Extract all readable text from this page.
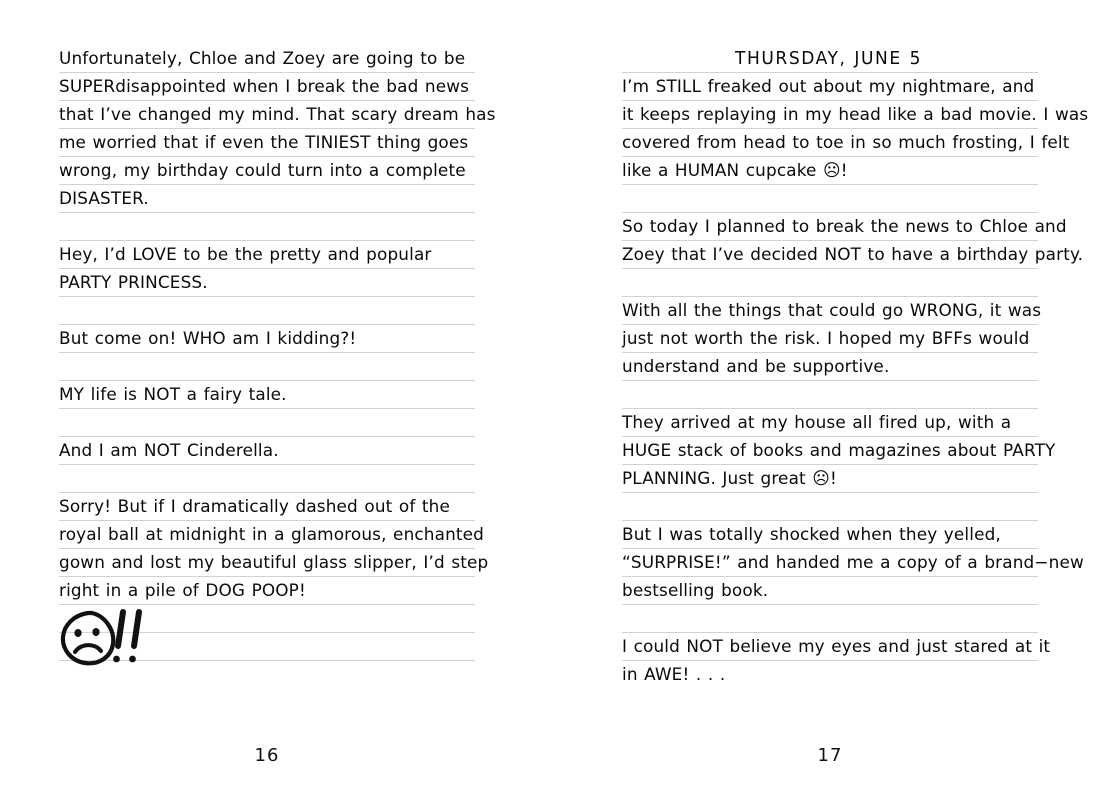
Unfortunately, Chloe and Zoey are going to be
SUPERdisappointed when I break the bad news
that I’ve changed my mind. That scary dream has
me worried that if even the TINIEST thing goes
wrong, my birthday could turn into a complete
DISASTER.
Hey, I’d LOVE to be the pretty and popular
PARTY PRINCESS.
But come on! WHO am I kidding?!
MY life is NOT a fairy tale.
And I am NOT Cinderella.
Sorry! But if I dramatically dashed out of the
royal ball at midnight in a glamorous, enchanted
gown and lost my beautiful glass slipper, I’d step
right in a pile of DOG POOP!
16
THURSDAY, JUNE 5
I’m STILL freaked out about my nightmare, and
it keeps replaying in my head like a bad movie. I was
covered from head to toe in so much frosting, I felt
like a HUMAN cupcake ☹!
So today I planned to break the news to Chloe and
Zoey that I’ve decided NOT to have a birthday party.
With all the things that could go WRONG, it was
just not worth the risk. I hoped my BFFs would
understand and be supportive.
They arrived at my house all fired up, with a
HUGE stack of books and magazines about PARTY
PLANNING. Just great ☹!
But I was totally shocked when they yelled,
“SURPRISE!” and handed me a copy of a brand−new
bestselling book.
I could NOT believe my eyes and just stared at it
in AWE! . . .
17
